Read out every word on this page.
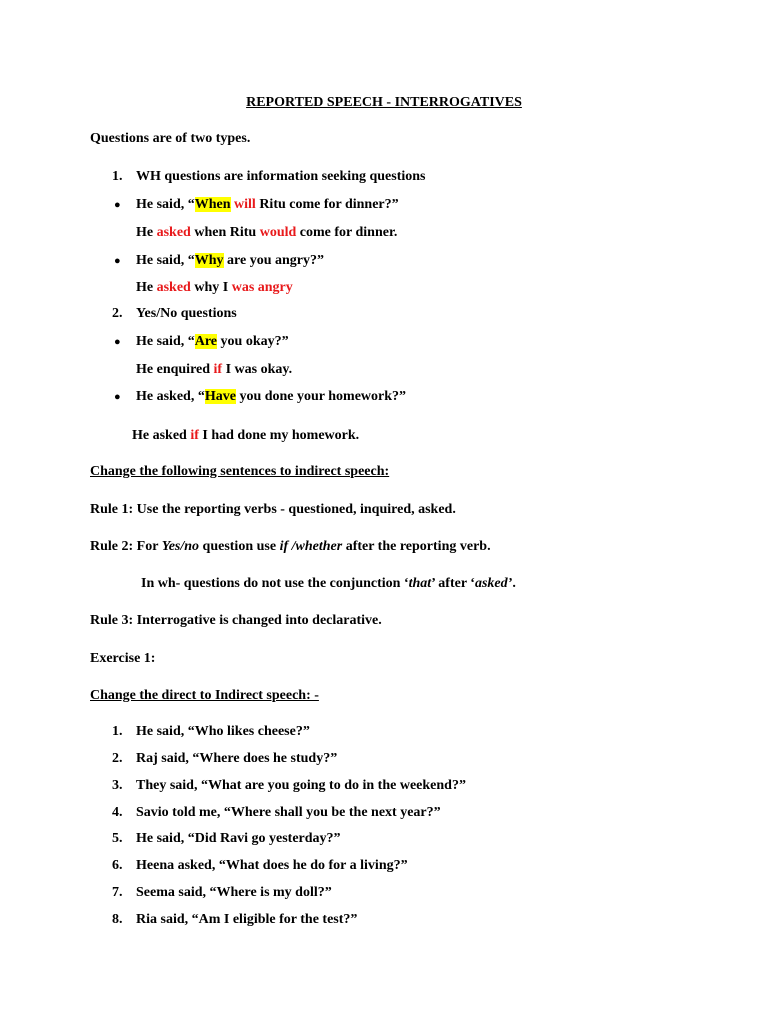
REPORTED SPEECH - INTERROGATIVES
Questions are of two types.
1. WH questions are information seeking questions
● He said, “When will Ritu come for dinner?”
He asked when Ritu would come for dinner.
● He said, “Why are you angry?”
He asked why I was angry
2. Yes/No questions
● He said, “Are you okay?”
He enquired if I was okay.
● He asked, “Have you done your homework?”
He asked if I had done my homework.
Change the following sentences to indirect speech:
Rule 1: Use the reporting verbs - questioned, inquired, asked.
Rule 2: For Yes/no question use if /whether after the reporting verb.
In wh- questions do not use the conjunction ‘that’ after ‘asked’.
Rule 3: Interrogative is changed into declarative.
Exercise 1:
Change the direct to Indirect speech: -
1. He said, “Who likes cheese?”
2. Raj said, “Where does he study?”
3. They said, “What are you going to do in the weekend?”
4. Savio told me, “Where shall you be the next year?”
5. He said, “Did Ravi go yesterday?”
6. Heena asked, “What does he do for a living?”
7. Seema said, “Where is my doll?”
8. Ria said, “Am I eligible for the test?”
